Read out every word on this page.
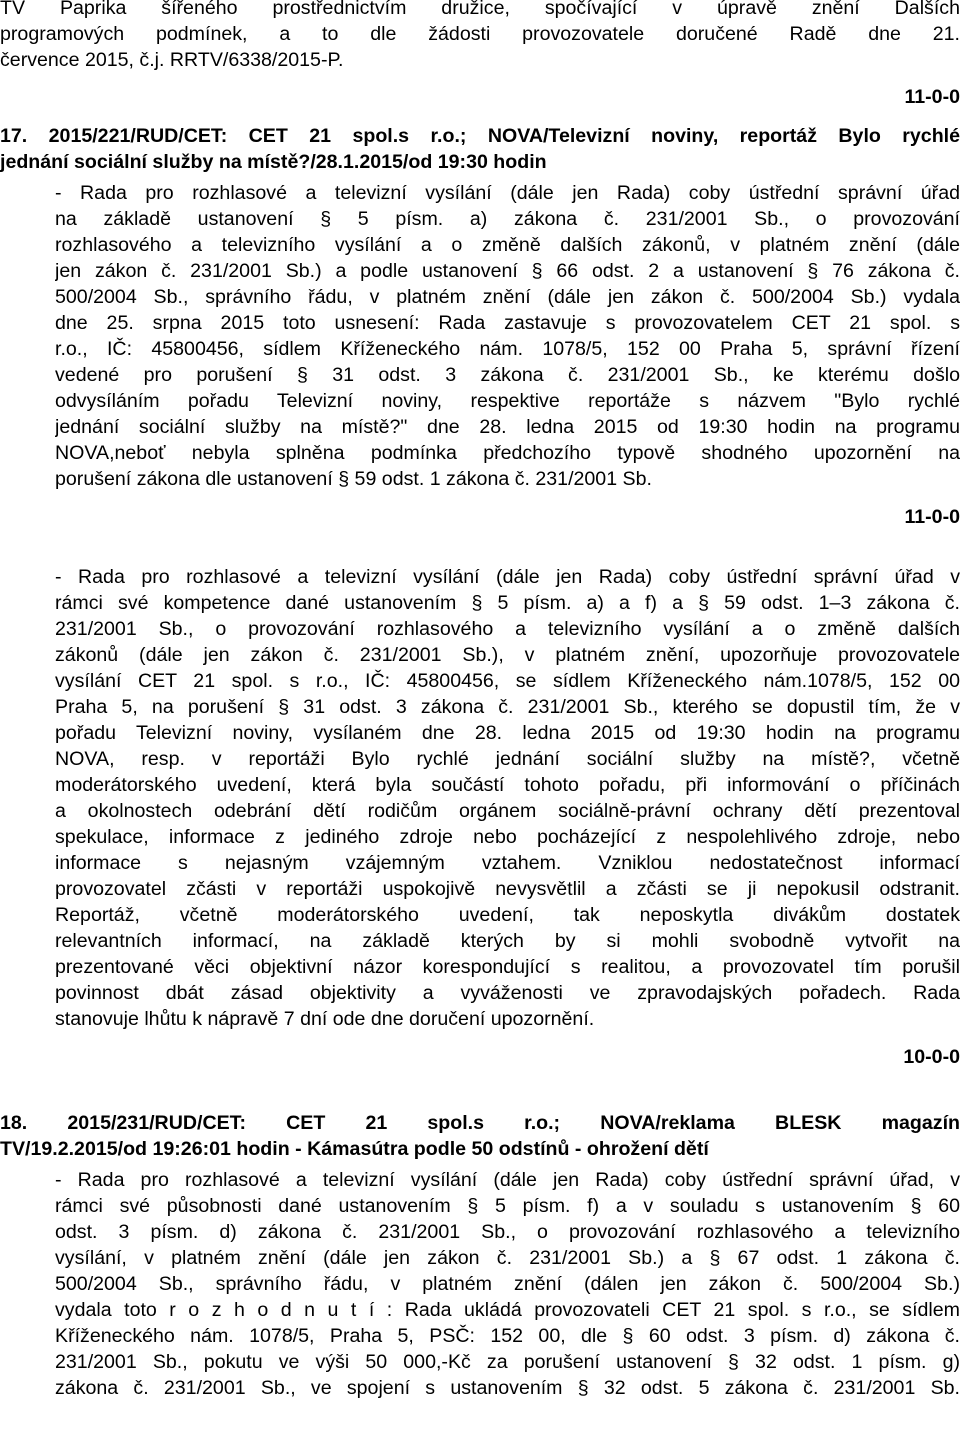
TV Paprika šířeného prostřednictvím družice, spočívající v úpravě znění Dalších
programových podmínek, a to dle žádosti provozovatele doručené Radě dne 21.
července 2015, č.j. RRTV/6338/2015-P.
11-0-0
17. 2015/221/RUD/CET: CET 21 spol.s r.o.; NOVA/Televizní noviny, reportáž Bylo rychlé
jednání sociální služby na místě?/28.1.2015/od 19:30 hodin
- Rada pro rozhlasové a televizní vysílání (dále jen Rada) coby ústřední správní úřad
na základě ustanovení § 5 písm. a) zákona č. 231/2001 Sb., o provozování
rozhlasového a televizního vysílání a o změně dalších zákonů, v platném znění (dále
jen zákon č. 231/2001 Sb.) a podle ustanovení § 66 odst. 2 a ustanovení § 76 zákona č.
500/2004 Sb., správního řádu, v platném znění (dále jen zákon č. 500/2004 Sb.) vydala
dne 25. srpna 2015 toto usnesení: Rada zastavuje s provozovatelem CET 21 spol. s
r.o., IČ: 45800456, sídlem Kříženeckého nám. 1078/5, 152 00 Praha 5, správní řízení
vedené pro porušení § 31 odst. 3 zákona č. 231/2001 Sb., ke kterému došlo
odvysíláním pořadu Televizní noviny, respektive reportáže s názvem "Bylo rychlé
jednání sociální služby na místě?" dne 28. ledna 2015 od 19:30 hodin na programu
NOVA,neboť nebyla splněna podmínka předchozího typově shodného upozornění na
porušení zákona dle ustanovení § 59 odst. 1 zákona č. 231/2001 Sb.
11-0-0
- Rada pro rozhlasové a televizní vysílání (dále jen Rada) coby ústřední správní úřad v
rámci své kompetence dané ustanovením § 5 písm. a) a f) a § 59 odst. 1–3 zákona č.
231/2001 Sb., o provozování rozhlasového a televizního vysílání a o změně dalších
zákonů (dále jen zákon č. 231/2001 Sb.), v platném znění, upozorňuje provozovatele
vysílání CET 21 spol. s r.o., IČ: 45800456, se sídlem Kříženeckého nám.1078/5, 152 00
Praha 5, na porušení § 31 odst. 3 zákona č. 231/2001 Sb., kterého se dopustil tím, že v
pořadu Televizní noviny, vysílaném dne 28. ledna 2015 od 19:30 hodin na programu
NOVA, resp. v reportáži Bylo rychlé jednání sociální služby na místě?, včetně
moderátorského uvedení, která byla součástí tohoto pořadu, při informování o příčinách
a okolnostech odebrání dětí rodičům orgánem sociálně-právní ochrany dětí prezentoval
spekulace, informace z jediného zdroje nebo pocházející z nespolehlivého zdroje, nebo
informace s nejasným vzájemným vztahem. Vzniklou nedostatečnost informací
provozovatel zčásti v reportáži uspokojivě nevysvětlil a zčásti se ji nepokusil odstranit.
Reportáž, včetně moderátorského uvedení, tak neposkytla divákům dostatek
relevantních informací, na základě kterých by si mohli svobodně vytvořit na
prezentované věci objektivní názor korespondující s realitou, a provozovatel tím porušil
povinnost dbát zásad objektivity a vyváženosti ve zpravodajských pořadech. Rada
stanovuje lhůtu k nápravě 7 dní ode dne doručení upozornění.
10-0-0
18. 2015/231/RUD/CET: CET 21 spol.s r.o.; NOVA/reklama BLESK magazín
TV/19.2.2015/od 19:26:01 hodin - Kámasútra podle 50 odstínů - ohrožení dětí
- Rada pro rozhlasové a televizní vysílání (dále jen Rada) coby ústřední správní úřad, v
rámci své působnosti dané ustanovením § 5 písm. f) a v souladu s ustanovením § 60
odst. 3 písm. d) zákona č. 231/2001 Sb., o provozování rozhlasového a televizního
vysílání, v platném znění (dále jen zákon č. 231/2001 Sb.) a § 67 odst. 1 zákona č.
500/2004 Sb., správního řádu, v platném znění (dálen jen zákon č. 500/2004 Sb.)
vydala toto r o z h o d n u t í : Rada ukládá provozovateli CET 21 spol. s r.o., se sídlem
Kříženeckého nám. 1078/5, Praha 5, PSČ: 152 00, dle § 60 odst. 3 písm. d) zákona č.
231/2001 Sb., pokutu ve výši 50 000,-Kč za porušení ustanovení § 32 odst. 1 písm. g)
zákona č. 231/2001 Sb., ve spojení s ustanovením § 32 odst. 5 zákona č. 231/2001 Sb.
